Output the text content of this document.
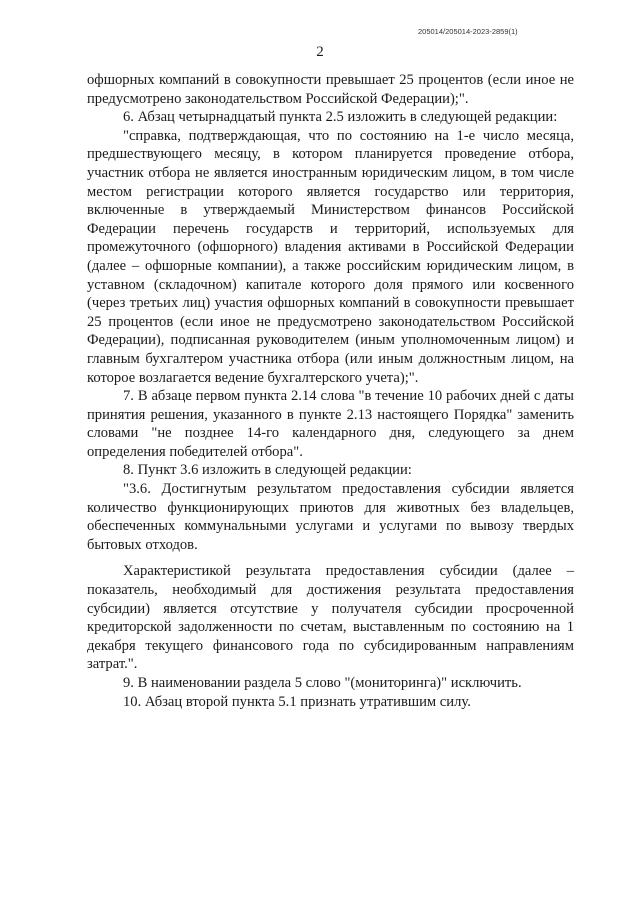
205014/205014-2023-2859(1)
2

офшорных компаний в совокупности превышает 25 процентов (если иное не предусмотрено законодательством Российской Федерации);".

6. Абзац четырнадцатый пункта 2.5 изложить в следующей редакции:

"справка, подтверждающая, что по состоянию на 1-е число месяца, предшествующего месяцу, в котором планируется проведение отбора, участник отбора не является иностранным юридическим лицом, в том числе местом регистрации которого является государство или территория, включенные в утверждаемый Министерством финансов Российской Федерации перечень государств и территорий, используемых для промежуточного (офшорного) владения активами в Российской Федерации (далее – офшорные компании), а также российским юридическим лицом, в уставном (складочном) капитале которого доля прямого или косвенного (через третьих лиц) участия офшорных компаний в совокупности превышает 25 процентов (если иное не предусмотрено законодательством Российской Федерации), подписанная руководителем (иным уполномоченным лицом) и главным бухгалтером участника отбора (или иным должностным лицом, на которое возлагается ведение бухгалтерского учета);".

7. В абзаце первом пункта 2.14 слова "в течение 10 рабочих дней с даты принятия решения, указанного в пункте 2.13 настоящего Порядка" заменить словами "не позднее 14-го календарного дня, следующего за днем определения победителей отбора".

8. Пункт 3.6 изложить в следующей редакции:

"3.6. Достигнутым результатом предоставления субсидии является количество функционирующих приютов для животных без владельцев, обеспеченных коммунальными услугами и услугами по вывозу твердых бытовых отходов.

Характеристикой результата предоставления субсидии (далее – показатель, необходимый для достижения результата предоставления субсидии) является отсутствие у получателя субсидии просроченной кредиторской задолженности по счетам, выставленным по состоянию на 1 декабря текущего финансового года по субсидированным направлениям затрат.".

9. В наименовании раздела 5 слово "(мониторинга)" исключить.

10. Абзац второй пункта 5.1 признать утратившим силу.
